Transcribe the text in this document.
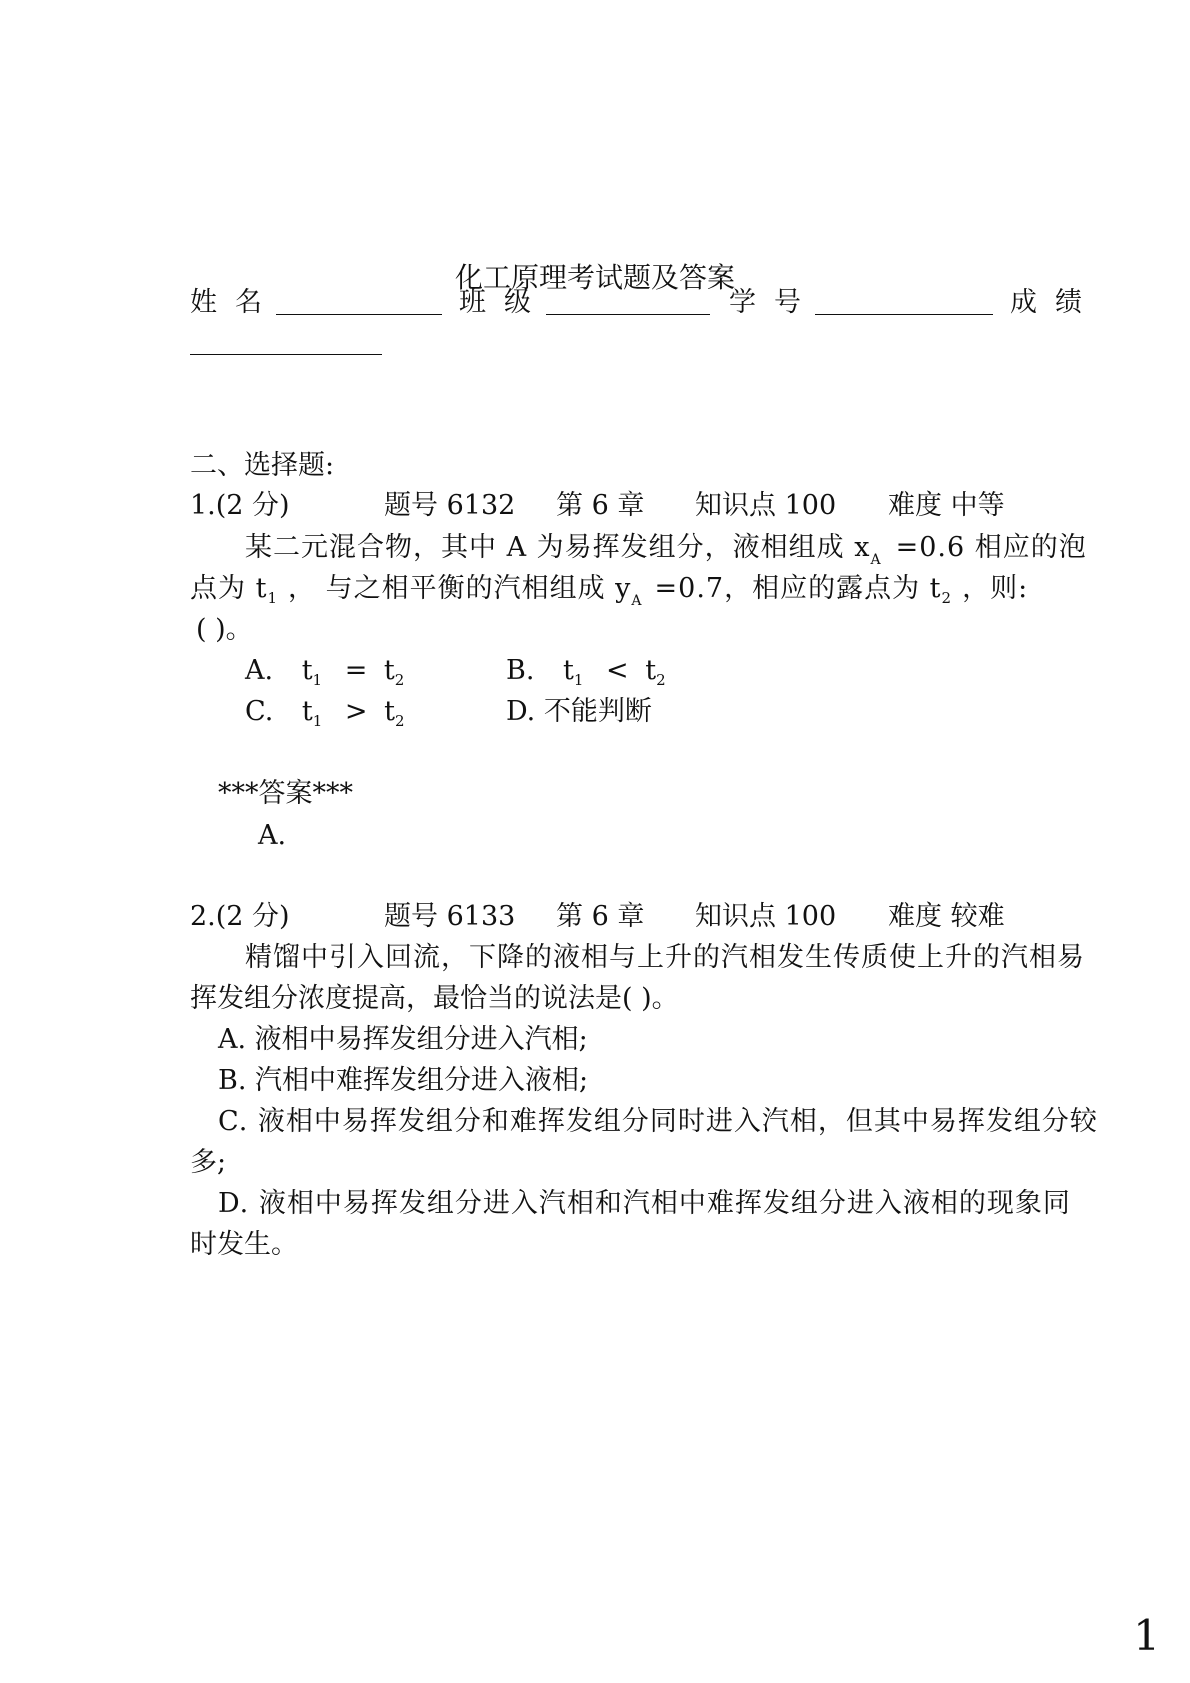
化工原理考试题及答案
姓名	班级	学号	成绩
二、选择题:
1.(2 分)	题号 6132 第 6 章 知识点 100 难度 中等
某二元混合物，其中 A 为易挥发组分，液相组成 $x_A =0.6$ 相应的泡
点为 $t_1$ ， 与之相平衡的汽相组成 $y_A =0.7$，相应的露点为 $t_2$ ，则:
( )。
A. $t_1 = t_2$	B. $t_1 < t_2$
C. $t_1 > t_2$	D. 不能判断
***答案***
A.
2.(2 分)	题号 6133 第 6 章 知识点 100 难度 较难
精馏中引入回流，下降的液相与上升的汽相发生传质使上升的汽相易
挥发组分浓度提高，最恰当的说法是( )。
A. 液相中易挥发组分进入汽相;
B. 汽相中难挥发组分进入液相;
C. 液相中易挥发组分和难挥发组分同时进入汽相，但其中易挥发组分较
多;
D. 液相中易挥发组分进入汽相和汽相中难挥发组分进入液相的现象同
时发生。
1
